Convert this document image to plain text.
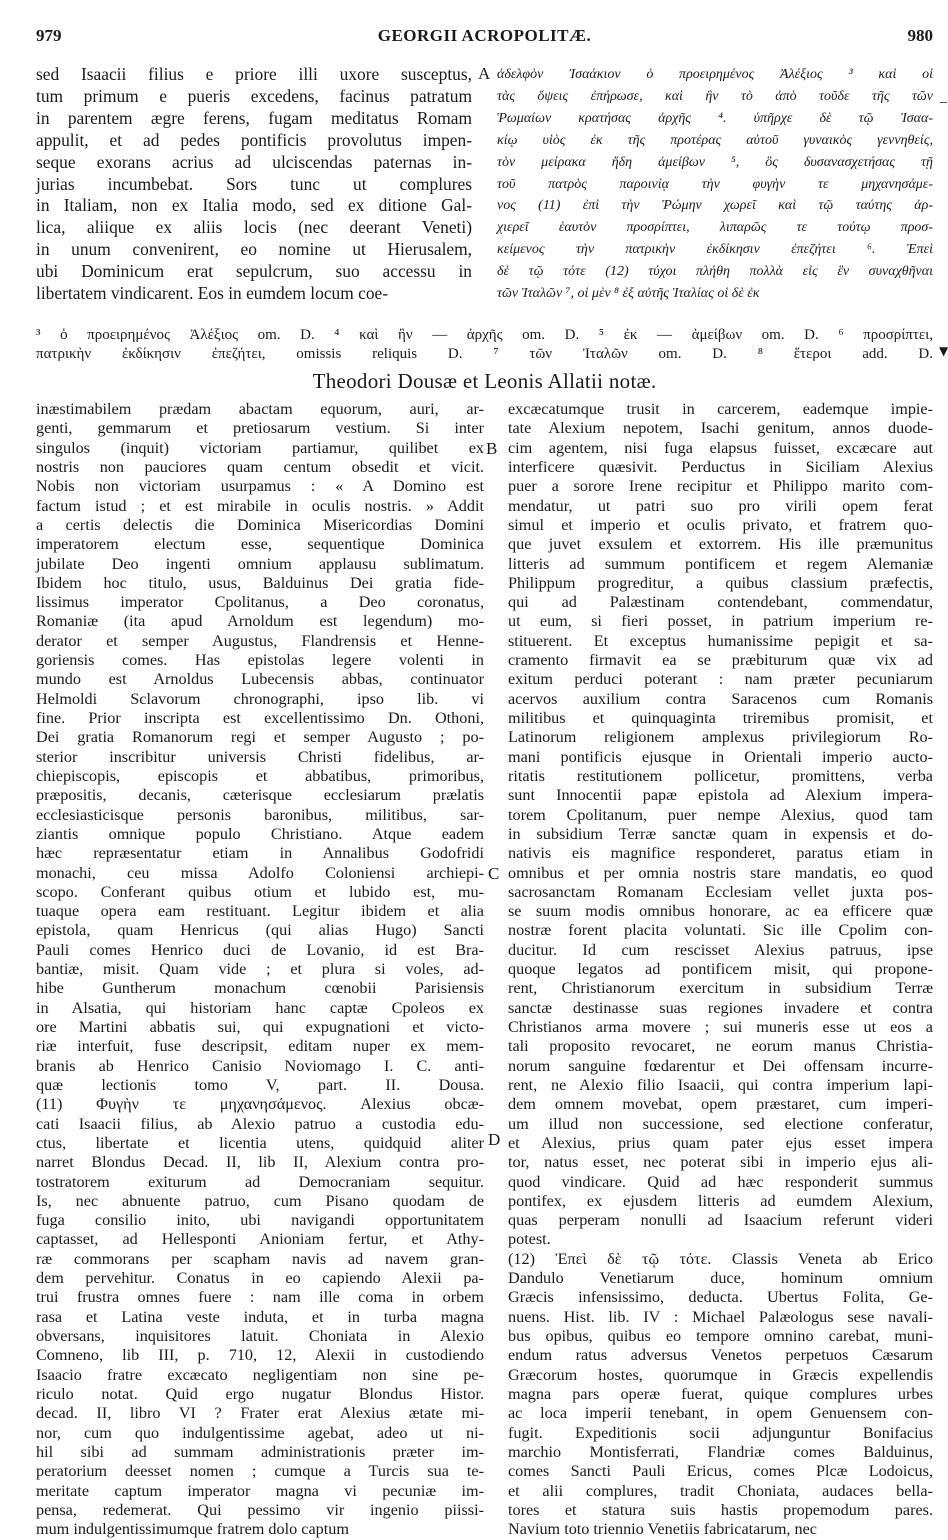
979	GEORGII ACROPOLITÆ.	980
sed Isaacii filius e priore illi uxore susceptus,
tum primum e pueris excedens, facinus patratum
in parentem ægre ferens, fugam meditatus Romam
appulit, et ad pedes pontificis provolutus impen-
seque exorans acrius ad ulciscendas paternas in-
jurias incumbebat. Sors tunc ut complures
in Italiam, non ex Italia modo, sed ex ditione Gal-
lica, aliique ex aliis locis (nec deerant Veneti)
in unum convenirent, eo nomine ut Hierusalem,
ubi Dominicum erat sepulcrum, suo accessu in
libertatem vindicarent. Eos in eumdem locum coe-
A ἀδελφὸν Ἰσαάκιον ὁ προειρημένος Ἀλέξιος ³ καὶ οἱ
τὰς ὄψεις ἐπήρωσε, καὶ ἣν τὸ ἀπὸ τοῦδε τῆς τῶν
Ῥωμαίων κρατήσας ἀρχῆς ⁴. ὑπῆρχε δὲ τῷ Ἰσαα-
κίῳ υἱὸς ἐκ τῆς προτέρας αὐτοῦ γυναικὸς γεννηθείς,
τὸν μείρακα ἤδη ἀμείβων ⁵, ὃς δυσανασχετήσας τῇ
τοῦ πατρὸς παροινίᾳ τὴν φυγὴν τε μηχανησάμε-
νος (11) ἐπὶ τὴν Ῥώμην χωρεῖ καὶ τῷ ταύτης ἀρ-
χιερεῖ ἑαυτὸν προσρίπτει, λιπαρῶς τε τούτῳ προσ-
κείμενος τὴν πατρικὴν ἐκδίκησιν ἐπεζήτει ⁶. Ἐπεὶ
δὲ τῷ τότε (12) τύχοι πλήθη πολλὰ εἰς ἓν συναχθῆναι
τῶν Ἰταλῶν ⁷, οἱ μὲν ⁸ ἐξ αὐτῆς Ἰταλίας οἱ δὲ ἐκ
³ ὁ προειρημένος Ἀλέξιος om. D. ⁴ καὶ ἣν — ἀρχῆς om. D. ⁵ ἐκ — ἀμείβων om. D. ⁶ προσρίπτει,
πατρικὴν ἐκδίκησιν ἐπεζήτει, omissis reliquis D. ⁷ τῶν Ἰταλῶν om. D. ⁸ ἕτεροι add. D. ▼
Theodori Dousæ et Leonis Allatii notæ.
inæstimabilem prædam abactam equorum, auri, ar-
genti, gemmarum et pretiosarum vestium. Si inter
singulos (inquit) victoriam partiamur, quilibet ex
nostris non pauciores quam centum obsedit et vicit.
Nobis non victoriam usurpamus : « A Domino est
factum istud ; et est mirabile in oculis nostris. » Addit
a certis delectis die Dominica Misericordias Domini
imperatorem electum esse, sequentique Dominica
jubilate Deo ingenti omnium applausu sublimatum.
Ibidem hoc titulo, usus, Balduinus Dei gratia fide-
lissimus imperator Cpolitanus, a Deo coronatus,
Romaniæ (ita apud Arnoldum est legendum) mo-
derator et semper Augustus, Flandrensis et Henne-
goriensis comes. Has epistolas legere volenti in
mundo est Arnoldus Lubecensis abbas, continuator
Helmoldi Sclavorum chronographi, ipso lib. vi
fine. Prior inscripta est excellentissimo Dn. Othoni,
Dei gratia Romanorum regi et semper Augusto ; po-
sterior inscribitur universis Christi fidelibus, ar-
chiepiscopis, episcopis et abbatibus, primoribus,
præpositis, decanis, cæterisque ecclesiarum prælatis
ecclesiasticisque personis baronibus, militibus, sar-
ziantis omnique populo Christiano. Atque eadem
hæc repræsentatur etiam in Annalibus Godofridi
monachi, ceu missa Adolfo Coloniensi archiepi-
scopo. Conferant quibus otium et lubido est, mu-
tuaque opera eam restituant. Legitur ibidem et alia
epistola, quam Henricus (qui alias Hugo) Sancti
Pauli comes Henrico duci de Lovanio, id est Bra-
bantiæ, misit. Quam vide ; et plura si voles, ad-
hibe Guntherum monachum cœnobii Parisiensis
in Alsatia, qui historiam hanc captæ Cpoleos ex
ore Martini abbatis sui, qui expugnationi et victo-
riæ interfuit, fuse descripsit, editam nuper ex mem-
branis ab Henrico Canisio Noviomago I. C. anti-
quæ lectionis tomo V, part. II. Dousa.
(11) Φυγὴν τε μηχανησάμενος. Alexius obcæ-
cati Isaacii filius, ab Alexio patruo a custodia edu-
ctus, libertate et licentia utens, quidquid aliter
narret Blondus Decad. II, lib II, Alexium contra pro-
tostratorem exiturum ad Democraniam sequitur.
Is, nec abnuente patruo, cum Pisano quodam de
fuga consilio inito, ubi navigandi opportunitatem
captasset, ad Hellesponti Anioniam fertur, et Athy-
ræ commorans per scapham navis ad navem gran-
dem pervehitur. Conatus in eo capiendo Alexii pa-
trui frustra omnes fuere : nam ille coma in orbem
rasa et Latina veste induta, et in turba magna
obversans, inquisitores latuit. Choniata in Alexio
Comneno, lib III, p. 710, 12, Alexii in custodiendo
Isaacio fratre excæcato negligentiam non sine pe-
riculo notat. Quid ergo nugatur Blondus Histor.
decad. II, libro VI ? Frater erat Alexius ætate mi-
nor, cum quo indulgentissime agebat, adeo ut ni-
hil sibi ad summam administrationis præter im-
peratorium deesset nomen ; cumque a Turcis sua te-
meritate captum imperator magna vi pecuniæ im-
pensa, redemerat. Qui pessimo vir ingenio piissi-
mum indulgentissimumque fratrem dolo captum
B
C
D
excæcatumque trusit in carcerem, eademque impie-
tate Alexium nepotem, Isachi genitum, annos duode-
cim agentem, nisi fuga elapsus fuisset, excæcare aut
interficere quæsivit. Perductus in Siciliam Alexius
puer a sorore Irene recipitur et Philippo marito com-
mendatur, ut patri suo pro virili opem ferat
simul et imperio et oculis privato, et fratrem quo-
que juvet exsulem et extorrem. His ille præmunitus
litteris ad summum pontificem et regem Alemaniæ
Philippum progreditur, a quibus classium præfectis,
qui ad Palæstinam contendebant, commendatur,
ut eum, si fieri posset, in patrium imperium re-
stituerent. Et exceptus humanissime pepigit et sa-
cramento firmavit ea se præbiturum quæ vix ad
exitum perduci poterant : nam præter pecuniarum
acervos auxilium contra Saracenos cum Romanis
militibus et quinquaginta triremibus promisit, et
Latinorum religionem amplexus privilegiorum Ro-
mani pontificis ejusque in Orientali imperio aucto-
ritatis restitutionem pollicetur, promittens, verba
sunt Innocentii papæ epistola ad Alexium impera-
torem Cpolitanum, puer nempe Alexius, quod tam
in subsidium Terræ sanctæ quam in expensis et do-
nativis eis magnifice responderet, paratus etiam in
omnibus et per omnia nostris stare mandatis, eo quod
sacrosanctam Romanam Ecclesiam vellet juxta pos-
se suum modis omnibus honorare, ac ea efficere quæ
nostræ forent placita voluntati. Sic ille Cpolim con-
ducitur. Id cum rescisset Alexius patruus, ipse
quoque legatos ad pontificem misit, qui propone-
rent, Christianorum exercitum in subsidium Terræ
sanctæ destinasse suas regiones invadere et contra
Christianos arma movere ; sui muneris esse ut eos a
tali proposito revocaret, ne eorum manus Christia-
norum sanguine fœdarentur et Dei offensam incurre-
rent, ne Alexio filio Isaacii, qui contra imperium lapi-
dem omnem movebat, opem præstaret, cum imperi-
um illud non successione, sed electione conferatur,
et Alexius, prius quam pater ejus esset impera
tor, natus esset, nec poterat sibi in imperio ejus ali-
quod vindicare. Quid ad hæc responderit summus
pontifex, ex ejusdem litteris ad eumdem Alexium,
quas perperam nonulli ad Isaacium referunt videri
potest.
(12) Ἐπεὶ δὲ τῷ τότε. Classis Veneta ab Erico
Dandulo Venetiarum duce, hominum omnium
Græcis infensissimo, deducta. Ubertus Folita, Ge-
nuens. Hist. lib. IV : Michael Palæologus sese navali-
bus opibus, quibus eo tempore omnino carebat, muni-
endum ratus adversus Venetos perpetuos Cæsarum
Græcorum hostes, quorumque in Græcis expellendis
magna pars operæ fuerat, quique complures urbes
ac loca imperii tenebant, in opem Genuensem con-
fugit. Expeditionis socii adjunguntur Bonifacius
marchio Montisferrati, Flandriæ comes Balduinus,
comes Sancti Pauli Ericus, comes Plcæ Lodoicus,
et alii complures, tradit Choniata, audaces bella-
tores et statura suis hastis propemodum pares.
Navium toto triennio Venetiis fabricatarum, nec
